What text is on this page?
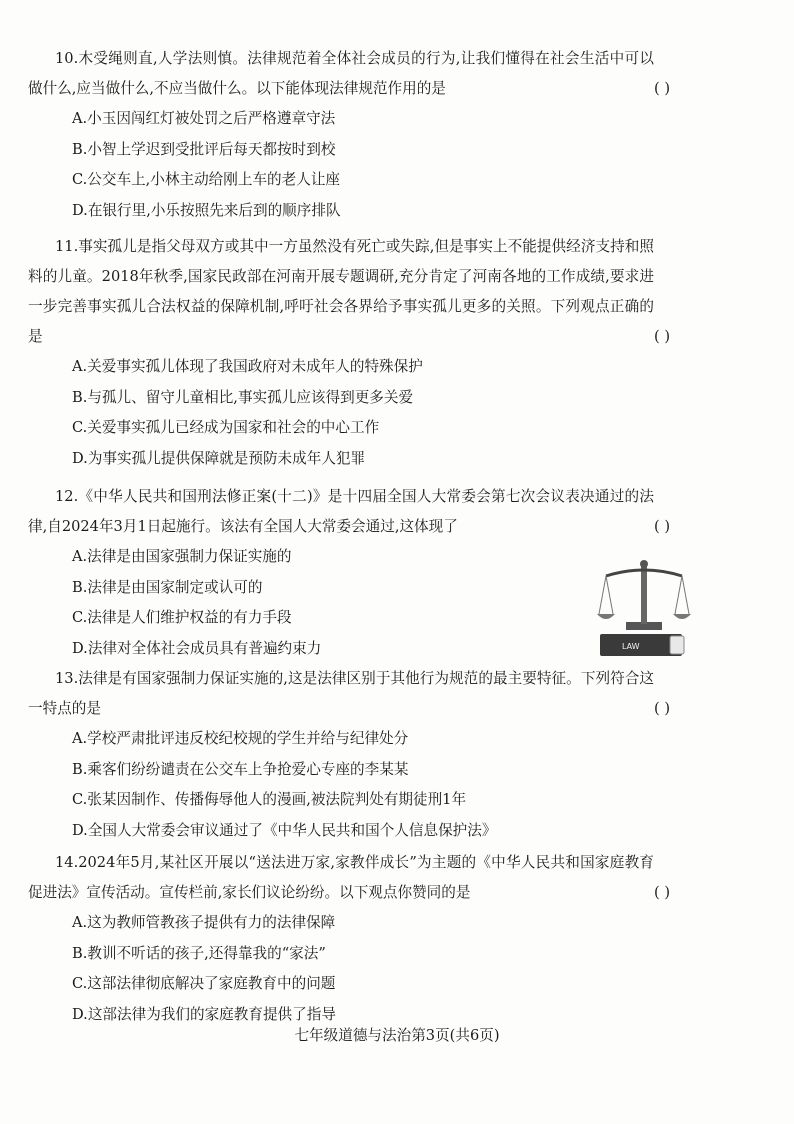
( )
10.木受绳则直,人学法则慎。法律规范着全体社会成员的行为,让我们懂得在社会生活中可以做什么,应当做什么,不应当做什么。以下能体现法律规范作用的是

A.小玉因闯红灯被处罚之后严格遵章守法

B.小智上学迟到受批评后每天都按时到校

C.公交车上,小林主动给刚上车的老人让座

D.在银行里,小乐按照先来后到的顺序排队

( )
11.事实孤儿是指父母双方或其中一方虽然没有死亡或失踪,但是事实上不能提供经济支持和照料的儿童。2018年秋季,国家民政部在河南开展专题调研,充分肯定了河南各地的工作成绩,要求进一步完善事实孤儿合法权益的保障机制,呼吁社会各界给予事实孤儿更多的关照。下列观点正确的是

A.关爱事实孤儿体现了我国政府对未成年人的特殊保护

B.与孤儿、留守儿童相比,事实孤儿应该得到更多关爱

C.关爱事实孤儿已经成为国家和社会的中心工作

D.为事实孤儿提供保障就是预防未成年人犯罪

( )
12.《中华人民共和国刑法修正案(十二)》是十四届全国人大常委会第七次会议表决通过的法律,自2024年3月1日起施行。该法有全国人大常委会通过,这体现了

A.法律是由国家强制力保证实施的

B.法律是由国家制定或认可的

C.法律是人们维护权益的有力手段

D.法律对全体社会成员具有普遍约束力	LAW

( )
13.法律是有国家强制力保证实施的,这是法律区别于其他行为规范的最主要特征。下列符合这一特点的是

A.学校严肃批评违反校纪校规的学生并给与纪律处分

B.乘客们纷纷谴责在公交车上争抢爱心专座的李某某

C.张某因制作、传播侮辱他人的漫画,被法院判处有期徒刑1年

D.全国人大常委会审议通过了《中华人民共和国个人信息保护法》

( )
14.2024年5月,某社区开展以“送法进万家,家教伴成长”为主题的《中华人民共和国家庭教育促进法》宣传活动。宣传栏前,家长们议论纷纷。以下观点你赞同的是

A.这为教师管教孩子提供有力的法律保障

B.教训不听话的孩子,还得靠我的“家法”

C.这部法律彻底解决了家庭教育中的问题

D.这部法律为我们的家庭教育提供了指导

七年级道德与法治第3页(共6页)
